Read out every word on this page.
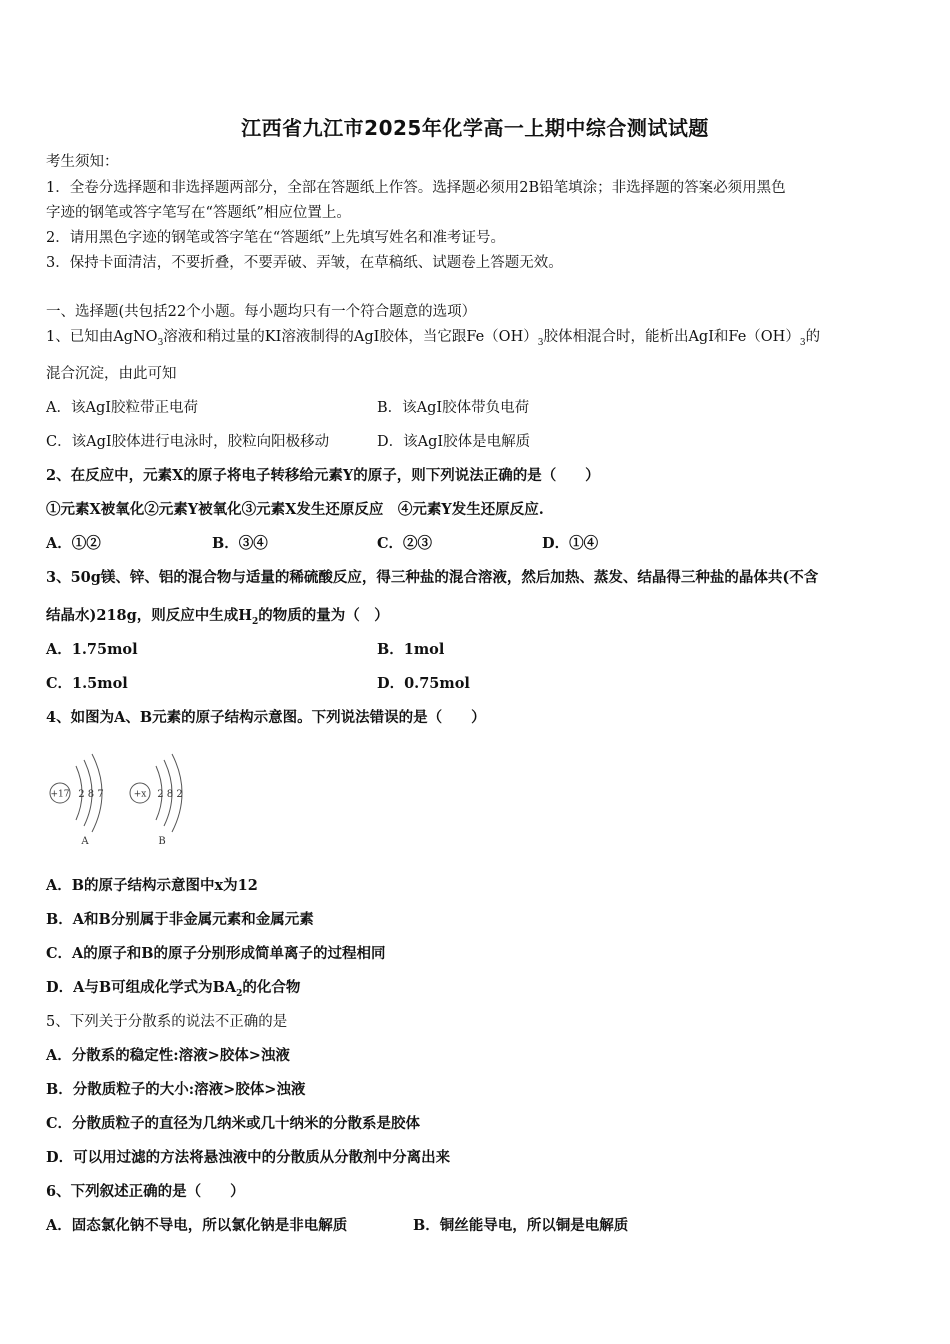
江西省九江市2025年化学高一上期中综合测试试题
考生须知：
1．全卷分选择题和非选择题两部分，全部在答题纸上作答。选择题必须用2B铅笔填涂；非选择题的答案必须用黑色
字迹的钢笔或答字笔写在“答题纸”相应位置上。
2．请用黑色字迹的钢笔或答字笔在“答题纸”上先填写姓名和准考证号。
3．保持卡面清洁，不要折叠，不要弄破、弄皱，在草稿纸、试题卷上答题无效。
一、选择题(共包括22个小题。每小题均只有一个符合题意的选项）
1、已知由AgNO$_3$溶液和稍过量的KI溶液制得的AgI胶体，当它跟$Fe(OH)_3$胶体相混合时，能析出AgI和$Fe(OH)_3$的
混合沉淀，由此可知
A．该AgI胶粒带正电荷	B．该AgI胶体带负电荷
C．该AgI胶体进行电泳时，胶粒向阳极移动	D．该AgI胶体是电解质
2、在反应中，元素X的原子将电子转移给元素Y的原子，则下列说法正确的是（　　）
①元素X被氧化②元素Y被氧化③元素X发生还原反应　④元素Y发生还原反应.
A．①②	B．③④	C．②③	D．①④
3、50g镁、锌、铝的混合物与适量的稀硫酸反应，得三种盐的混合溶液，然后加热、蒸发、结晶得三种盐的晶体共(不含
结晶水)218g，则反应中生成$H_2$的物质的量为（　）
A．1.75mol	B．1mol
C．1.5mol	D．0.75mol
4、如图为A、B元素的原子结构示意图。下列说法错误的是（　　）
+17 2 8 7
A
+x 2 8 2
B
A．B的原子结构示意图中x为12
B．A和B分别属于非金属元素和金属元素
C．A的原子和B的原子分别形成简单离子的过程相同
D．A与B可组成化学式为$BA_2$的化合物
5、下列关于分散系的说法不正确的是
A．分散系的稳定性:溶液>胶体>浊液
B．分散质粒子的大小:溶液>胶体>浊液
C．分散质粒子的直径为几纳米或几十纳米的分散系是胶体
D．可以用过滤的方法将悬浊液中的分散质从分散剂中分离出来
6、下列叙述正确的是（　　）
A．固态氯化钠不导电，所以氯化钠是非电解质	B．铜丝能导电，所以铜是电解质
